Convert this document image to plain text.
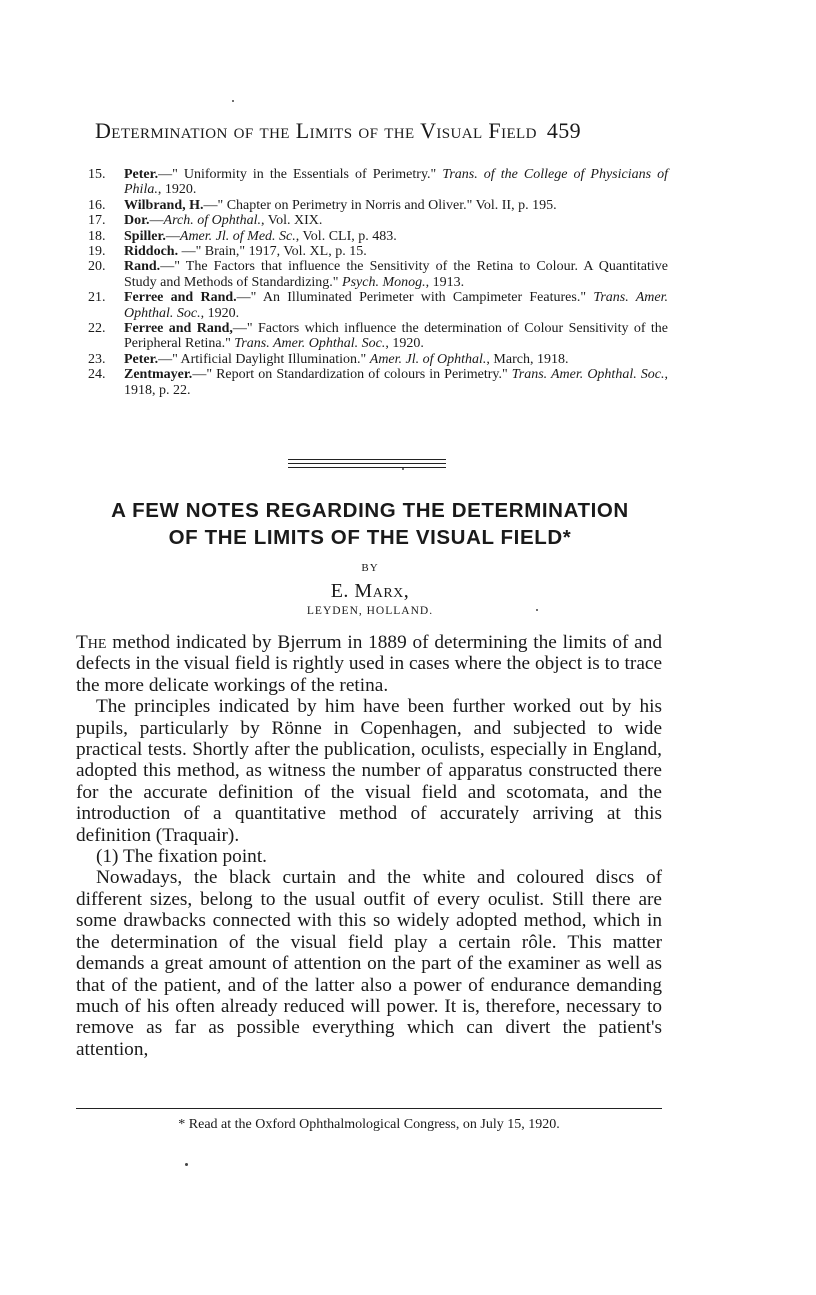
Determination of the Limits of the Visual Field 459
15.	Peter.—" Uniformity in the Essentials of Perimetry." Trans. of the College of Physicians of Phila., 1920.
16.	Wilbrand, H.—" Chapter on Perimetry in Norris and Oliver." Vol. II, p. 195.
17.	Dor.—Arch. of Ophthal., Vol. XIX.
18.	Spiller.—Amer. Jl. of Med. Sc., Vol. CLI, p. 483.
19.	Riddoch. —" Brain," 1917, Vol. XL, p. 15.
20.	Rand.—" The Factors that influence the Sensitivity of the Retina to Colour. A Quantitative Study and Methods of Standardizing." Psych. Monog., 1913.
21.	Ferree and Rand.—" An Illuminated Perimeter with Campimeter Features." Trans. Amer. Ophthal. Soc., 1920.
22.	Ferree and Rand,—" Factors which influence the determination of Colour Sensitivity of the Peripheral Retina." Trans. Amer. Ophthal. Soc., 1920.
23.	Peter.—" Artificial Daylight Illumination." Amer. Jl. of Ophthal., March, 1918.
24.	Zentmayer.—" Report on Standardization of colours in Perimetry." Trans. Amer. Ophthal. Soc., 1918, p. 22.
A FEW NOTES REGARDING THE DETERMINATION
OF THE LIMITS OF THE VISUAL FIELD*
BY
E. Marx,
LEYDEN, HOLLAND.

The method indicated by Bjerrum in 1889 of determining the limits of and defects in the visual field is rightly used in cases where the object is to trace the more delicate workings of the retina.

The principles indicated by him have been further worked out by his pupils, particularly by Rönne in Copenhagen, and subjected to wide practical tests. Shortly after the publication, oculists, especially in England, adopted this method, as witness the number of apparatus constructed there for the accurate definition of the visual field and scotomata, and the introduction of a quantitative method of accurately arriving at this definition (Traquair).

(1) The fixation point.

Nowadays, the black curtain and the white and coloured discs of different sizes, belong to the usual outfit of every oculist. Still there are some drawbacks connected with this so widely adopted method, which in the determination of the visual field play a certain rôle. This matter demands a great amount of attention on the part of the examiner as well as that of the patient, and of the latter also a power of endurance demanding much of his often already reduced will power. It is, therefore, necessary to remove as far as possible everything which can divert the patient's attention,

* Read at the Oxford Ophthalmological Congress, on July 15, 1920.
